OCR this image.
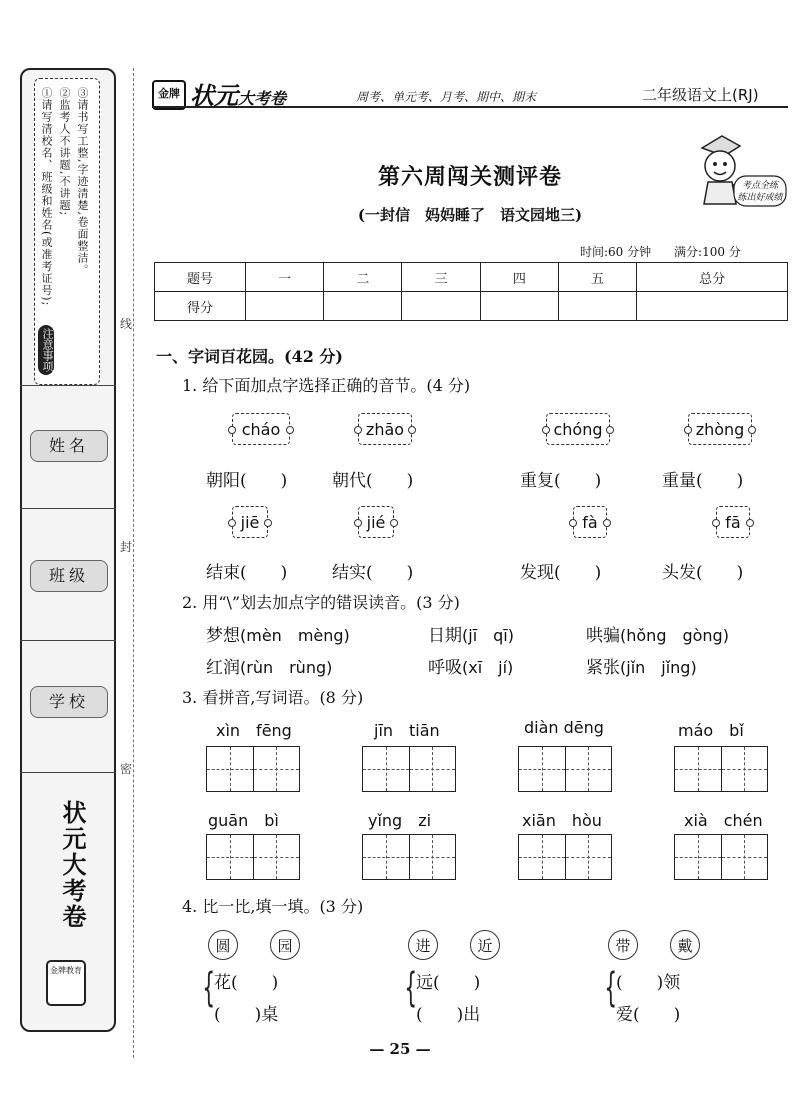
①请写清校名、班级和姓名(或准考证号); ②监考人不讲题,不讲题; ③请书写工整,字迹清楚,卷面整洁。
注意事项
姓名
班级
学校
状元大考卷
金牌教育
线
封
密
金牌 状元大考卷	周考、单元考、月考、期中、期末	二年级语文上(RJ)
第六周闯关测评卷
(一封信　妈妈睡了　语文园地三)
考点全练
练出好成绩
时间:60 分钟 满分:100 分
题号	一	二	三	四	五	总分
得分						
一、字词百花园。(42 分)
1. 给下面加点字选择正确的音节。(4 分)
cháo	zhāo	chóng	zhòng
朝阳(　　)	朝代(　　)	重复(　　)	重量(　　)
jiē	jié	fà	fā
结束(　　)	结实(　　)	发现(　　)	头发(　　)
2. 用“\”划去加点字的错误读音。(3 分)
梦想(mèn　mèng)	日期(jī　qī)	哄骗(hǒng　gòng)
红润(rùn　rùng)	呼吸(xī　jí)	紧张(jǐn　jǐng)
3. 看拼音,写词语。(8 分)
xìn　fēng	jīn　tiān	diàn dēng	máo　bǐ
guān　bì	yǐng　zi	xiān　hòu	xià　chén
4. 比一比,填一填。(3 分)
圆	园
{
花(　　)
(　　)桌
进	近
{
远(　　)
(　　)出
带	戴
{
(　　)领
爱(　　)
— 25 —
